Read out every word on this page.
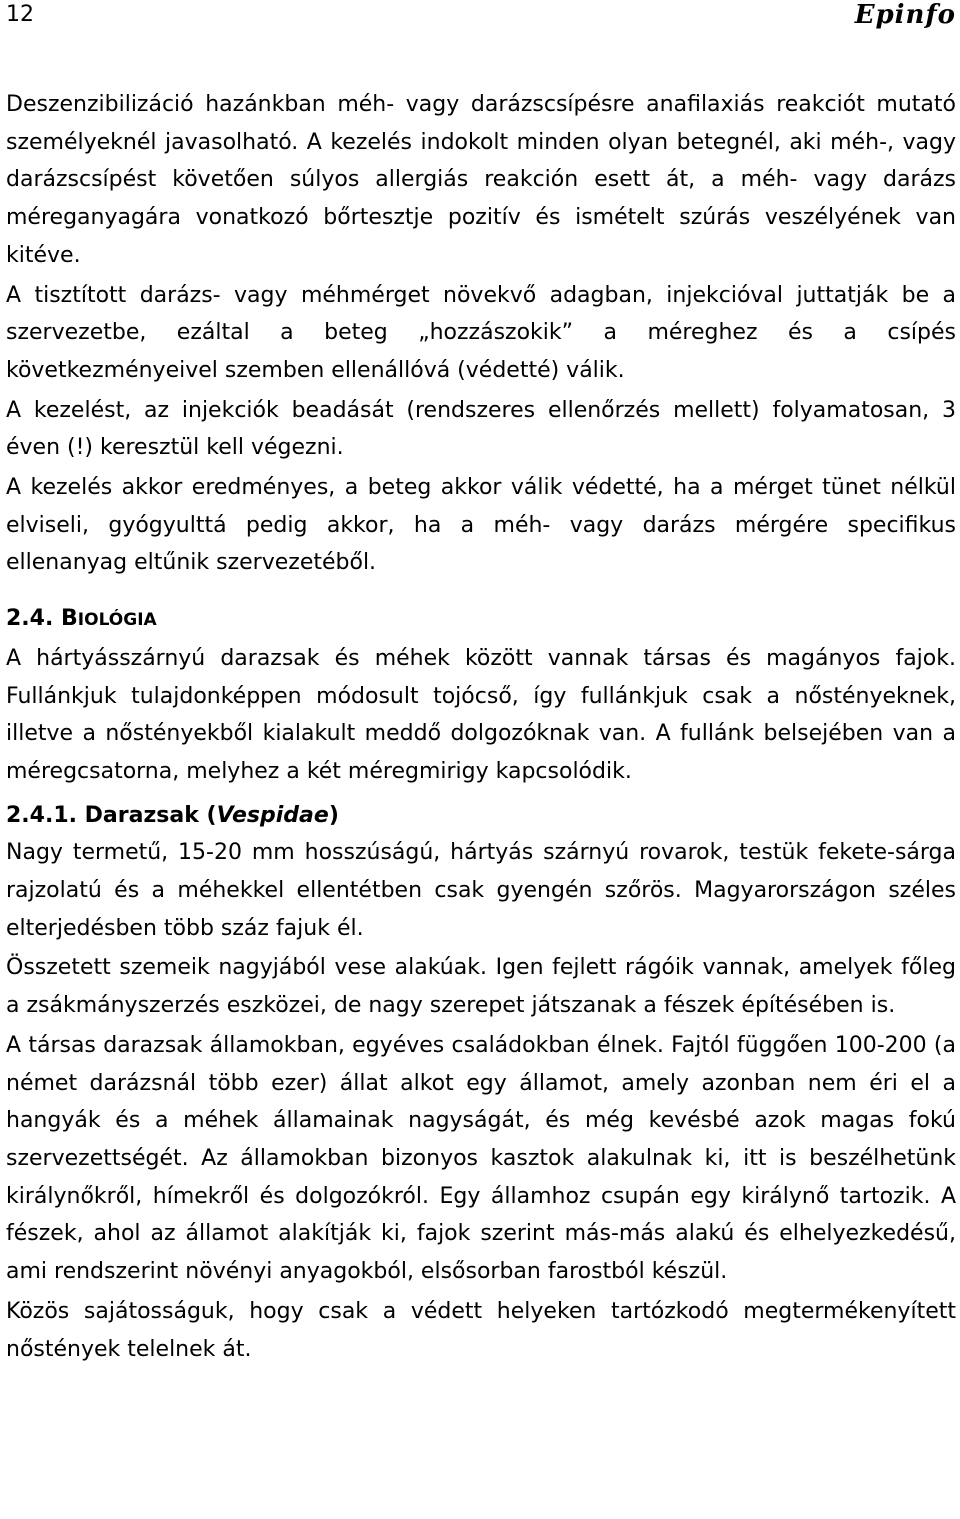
12	Epinfo

Deszenzibilizáció hazánkban méh- vagy darázscsípésre anafilaxiás reakciót mutató személyeknél javasolható. A kezelés indokolt minden olyan betegnél, aki méh-, vagy darázscsípést követően súlyos allergiás reakción esett át, a méh- vagy darázs méreganyagára vonatkozó bőrtesztje pozitív és ismételt szúrás veszélyének van kitéve.

A tisztított darázs- vagy méhmérget növekvő adagban, injekcióval juttatják be a szervezetbe, ezáltal a beteg „hozzászokik” a méreghez és a csípés következményeivel szemben ellenállóvá (védetté) válik.

A kezelést, az injekciók beadását (rendszeres ellenőrzés mellett) folyamatosan, 3 éven (!) keresztül kell végezni.

A kezelés akkor eredményes, a beteg akkor válik védetté, ha a mérget tünet nélkül elviseli, gyógyulttá pedig akkor, ha a méh- vagy darázs mérgére specifikus ellenanyag eltűnik szervezetéből.

2.4. BIOLÓGIA

A hártyásszárnyú darazsak és méhek között vannak társas és magányos fajok. Fullánkjuk tulajdonképpen módosult tojócső, így fullánkjuk csak a nőstényeknek, illetve a nőstényekből kialakult meddő dolgozóknak van. A fullánk belsejében van a méregcsatorna, melyhez a két méregmirigy kapcsolódik.

2.4.1. Darazsak (Vespidae)

Nagy termetű, 15-20 mm hosszúságú, hártyás szárnyú rovarok, testük fekete-sárga rajzolatú és a méhekkel ellentétben csak gyengén szőrös. Magyarországon széles elterjedésben több száz fajuk él.

Összetett szemeik nagyjából vese alakúak. Igen fejlett rágóik vannak, amelyek főleg a zsákmányszerzés eszközei, de nagy szerepet játszanak a fészek építésében is.

A társas darazsak államokban, egyéves családokban élnek. Fajtól függően 100-200 (a német darázsnál több ezer) állat alkot egy államot, amely azonban nem éri el a hangyák és a méhek államainak nagyságát, és még kevésbé azok magas fokú szervezettségét. Az államokban bizonyos kasztok alakulnak ki, itt is beszélhetünk királynőkről, hímekről és dolgozókról. Egy államhoz csupán egy királynő tartozik. A fészek, ahol az államot alakítják ki, fajok szerint más-más alakú és elhelyezkedésű, ami rendszerint növényi anyagokból, elsősorban farostból készül.

Közös sajátosságuk, hogy csak a védett helyeken tartózkodó megtermékenyített nőstények telelnek át.
